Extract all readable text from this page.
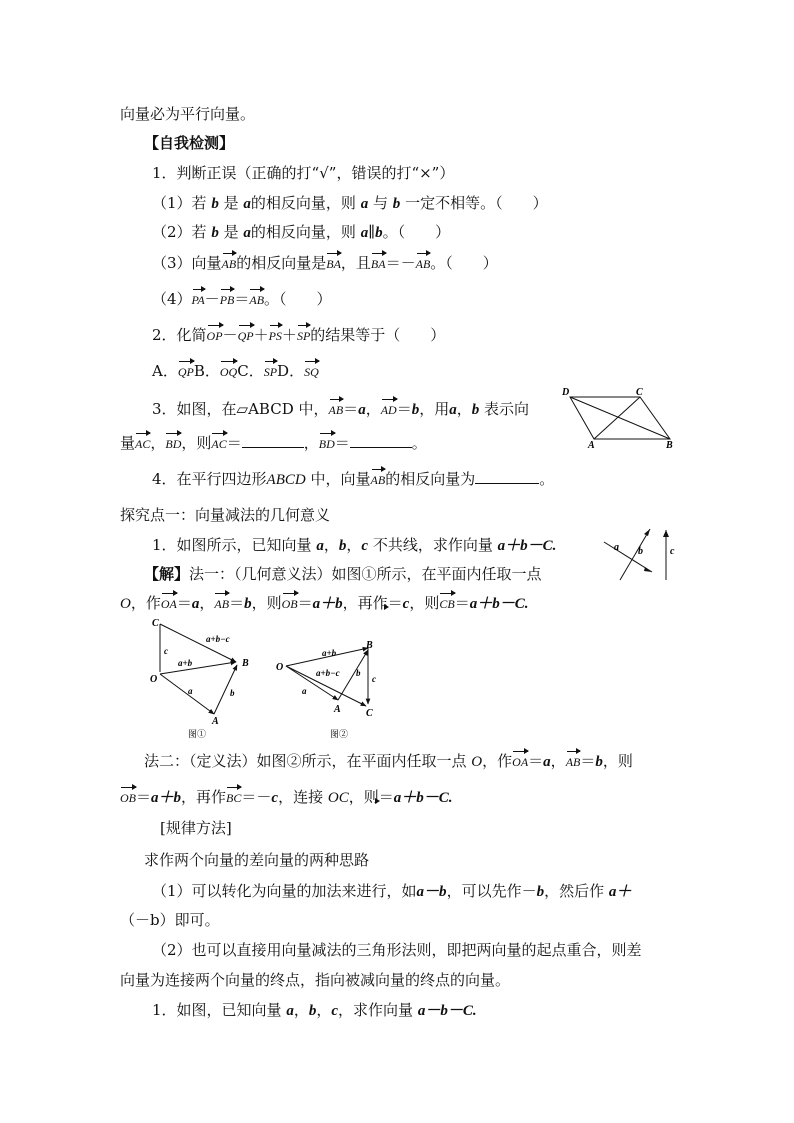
向量必为平行向量。
【自我检测】
1．判断正误（正确的打“√”，错误的打“×”）
（1）若 b 是 a的相反向量，则 a 与 b 一定不相等。（　　）
（2）若 b 是 a的相反向量，则 a∥b。（　　）
（3）向量AB的相反向量是BA，且BA＝－AB。（　　）
（4）PA－PB＝AB。（　　）
2．化简OP－QP＋PS＋SP的结果等于（　　）
A．QPB．OQC．SPD．SQ
3．如图，在▱ABCD 中，AB＝a，AD＝b，用a，b 表示向
量AC，BD，则AC＝	，BD＝	。
D	C
A	B
4．在平行四边形ABCD 中，向量AB的相反向量为	。
探究点一：向量减法的几何意义
1．如图所示，已知向量 a，b，c 不共线，求作向量 a＋b－C.	a b	c
【解】法一：（几何意义法）如图①所示，在平面内任取一点
O，作OA＝a，AB＝b，则OB＝a＋b，再作＝c，则CB＝a＋b－C.
C
O
B
A
c
a+b−c
a+b
a	b
图①
O
B
A	C
a+b
a+b−c
a
b
c
图②
法二：（定义法）如图②所示，在平面内任取一点 O，作OA＝a，AB＝b，则
OB＝a＋b，再作BC＝－c，连接 OC，则＝a＋b－C.
[规律方法]
求作两个向量的差向量的两种思路
（1）可以转化为向量的加法来进行，如a－b，可以先作－b，然后作 a＋
（－b）即可。
（2）也可以直接用向量减法的三角形法则，即把两向量的起点重合，则差
向量为连接两个向量的终点，指向被减向量的终点的向量。
1．如图，已知向量 a，b，c，求作向量 a－b－C.
